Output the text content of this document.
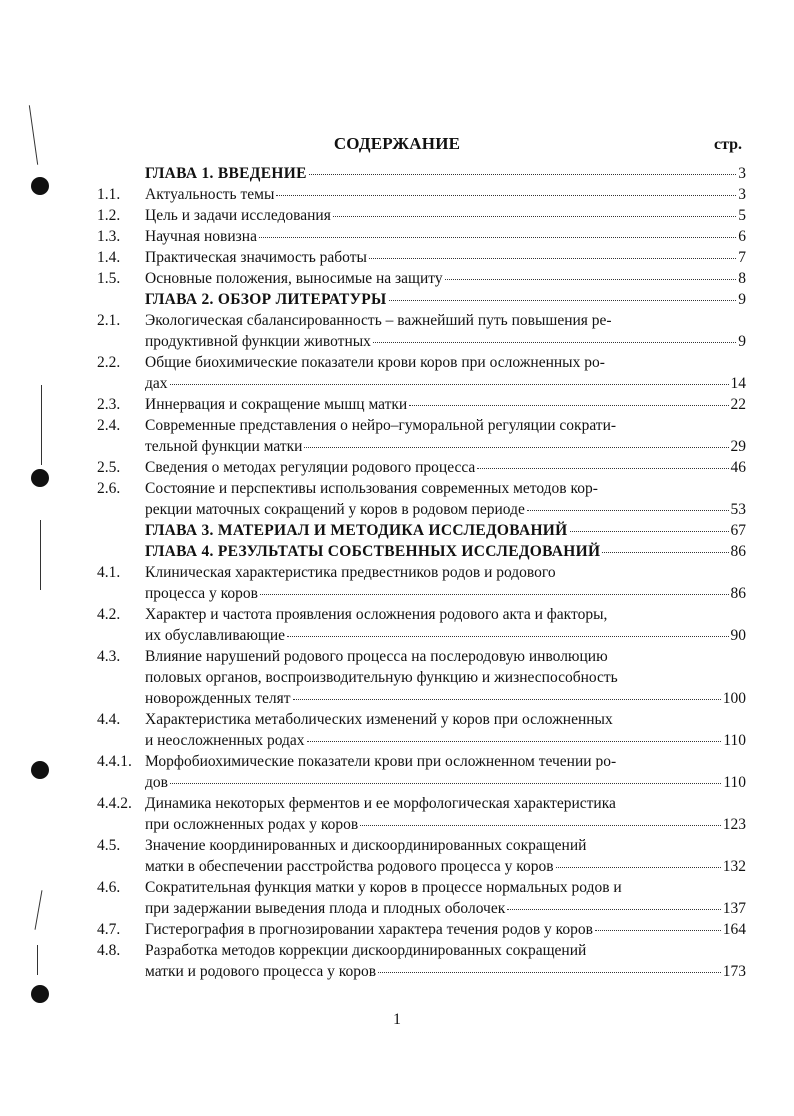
СОДЕРЖАНИЕ	стр.
ГЛАВА 1. ВВЕДЕНИЕ	3
1.1. Актуальность темы	3
1.2. Цель и задачи исследования	5
1.3. Научная новизна	6
1.4. Практическая значимость работы	7
1.5. Основные положения, выносимые на защиту	8
ГЛАВА 2. ОБЗОР ЛИТЕРАТУРЫ	9
2.1. Экологическая сбалансированность – важнейший путь повышения ре-
продуктивной функции животных	9
2.2. Общие биохимические показатели крови коров при осложненных ро-
дах	14
2.3. Иннервация и сокращение мышц матки	22
2.4. Современные представления о нейро–гуморальной регуляции сократи-
тельной функции матки	29
2.5. Сведения о методах регуляции родового процесса	46
2.6. Состояние и перспективы использования современных методов кор-
рекции маточных сокращений у коров в родовом периоде	53
ГЛАВА 3. МАТЕРИАЛ И МЕТОДИКА ИССЛЕДОВАНИЙ	67
ГЛАВА 4. РЕЗУЛЬТАТЫ СОБСТВЕННЫХ ИССЛЕДОВАНИЙ	86
4.1. Клиническая характеристика предвестников родов и родового
процесса у коров	86
4.2. Характер и частота проявления осложнения родового акта и факторы,
их обуславливающие	90
4.3. Влияние нарушений родового процесса на послеродовую инволюцию
половых органов, воспроизводительную функцию и жизнеспособность
новорожденных телят	100
4.4. Характеристика метаболических изменений у коров при осложненных
и неосложненных родах	110
4.4.1. Морфобиохимические показатели крови при осложненном течении ро-
дов	110
4.4.2. Динамика некоторых ферментов и ее морфологическая характеристика
при осложненных родах у коров	123
4.5. Значение координированных и дискоординированных сокращений
матки в обеспечении расстройства родового процесса у коров	132
4.6. Сократительная функция матки у коров в процессе нормальных родов и
при задержании выведения плода и плодных оболочек	137
4.7. Гистерография в прогнозировании характера течения родов у коров	164
4.8. Разработка методов коррекции дискоординированных сокращений
матки и родового процесса у коров	173
1
